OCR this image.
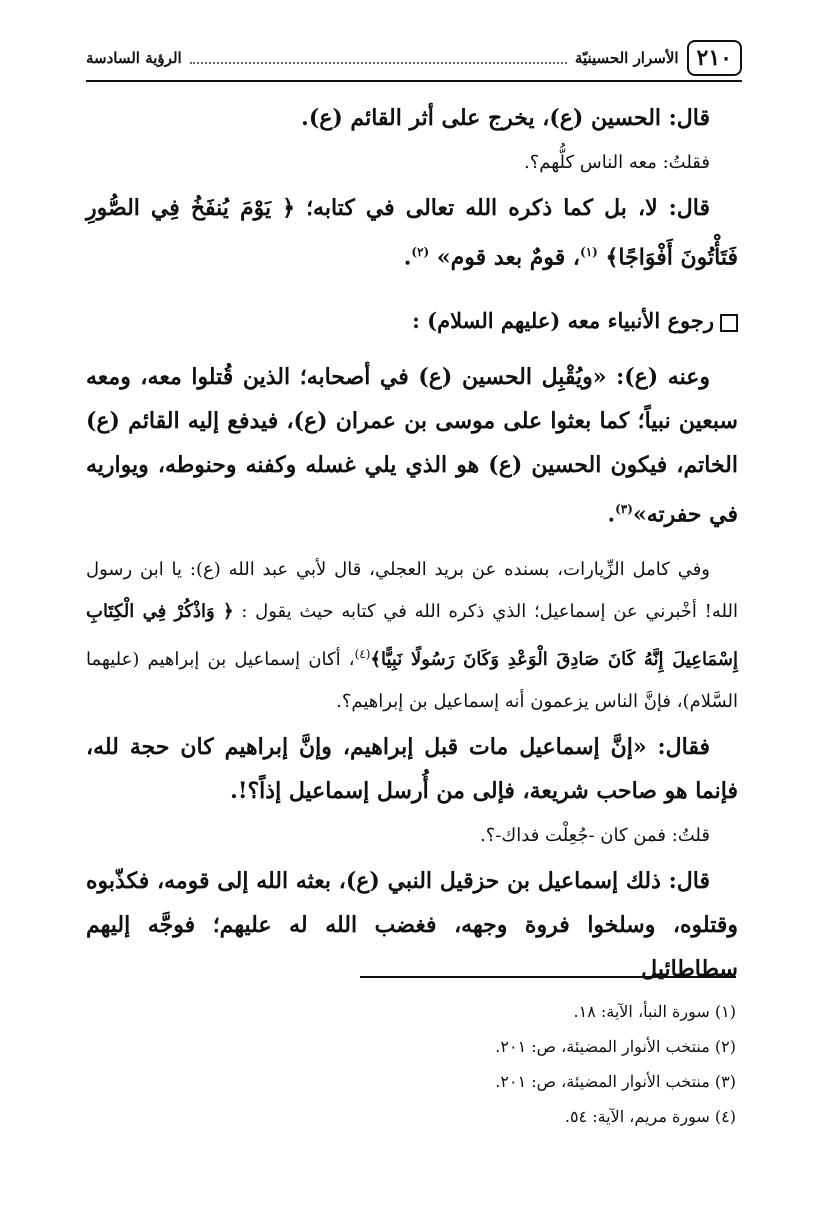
٢١٠
الأسرار الحسينيّة
الرؤية السادسة

قال: الحسين (ع)، يخرج على أثر القائم (ع).

فقلتُ: معه الناس كلُّهم؟.

قال: لا، بل كما ذكره الله تعالى في كتابه؛ ﴿ يَوْمَ يُنفَخُ فِي الصُّورِ فَتَأْتُونَ أَفْوَاجًا﴾ $^{(١)}$، قومٌ بعد قوم» $^{(٢)}$.

رجوع الأنبياء معه (عليهم السلام) :

وعنه (ع): «ويُقْبِل الحسين (ع) في أصحابه؛ الذين قُتلوا معه، ومعه سبعين نبياً؛ كما بعثوا على موسى بن عمران (ع)، فيدفع إليه القائم (ع) الخاتم، فيكون الحسين (ع) هو الذي يلي غسله وكفنه وحنوطه، ويواريه في حفرته»$^{(٣)}$.

وفي كامل الزِّيارات، بسنده عن بريد العجلي، قال لأبي عبد الله (ع): يا ابن رسول الله! أخْبرني عن إسماعيل؛ الذي ذكره الله في كتابه حيث يقول : ﴿ وَاذْكُرْ فِي الْكِتَابِ إِسْمَاعِيلَ إِنَّهُ كَانَ صَادِقَ الْوَعْدِ وَكَانَ رَسُولًا نَبِيًّا﴾$^{(٤)}$، أكان إسماعيل بن إبراهيم (عليهما السَّلام)، فإنَّ الناس يزعمون أنه إسماعيل بن إبراهيم؟.

فقال: «إنَّ إسماعيل مات قبل إبراهيم، وإنَّ إبراهيم كان حجة لله، فإنما هو صاحب شريعة، فإلى من أُرسل إسماعيل إذاً؟!.

قلتُ: فمن كان -جُعِلْت فداك-؟.

قال: ذلك إسماعيل بن حزقيل النبي (ع)، بعثه الله إلى قومه، فكذّبوه وقتلوه، وسلخوا فروة وجهه، فغضب الله له عليهم؛ فوجَّه إليهم سطاطائيل

(١) سورة النبأ، الآية: ١٨.

(٢) منتخب الأنوار المضيئة، ص: ٢٠١.

(٣) منتخب الأنوار المضيئة، ص: ٢٠١.

(٤) سورة مريم، الآية: ٥٤.
